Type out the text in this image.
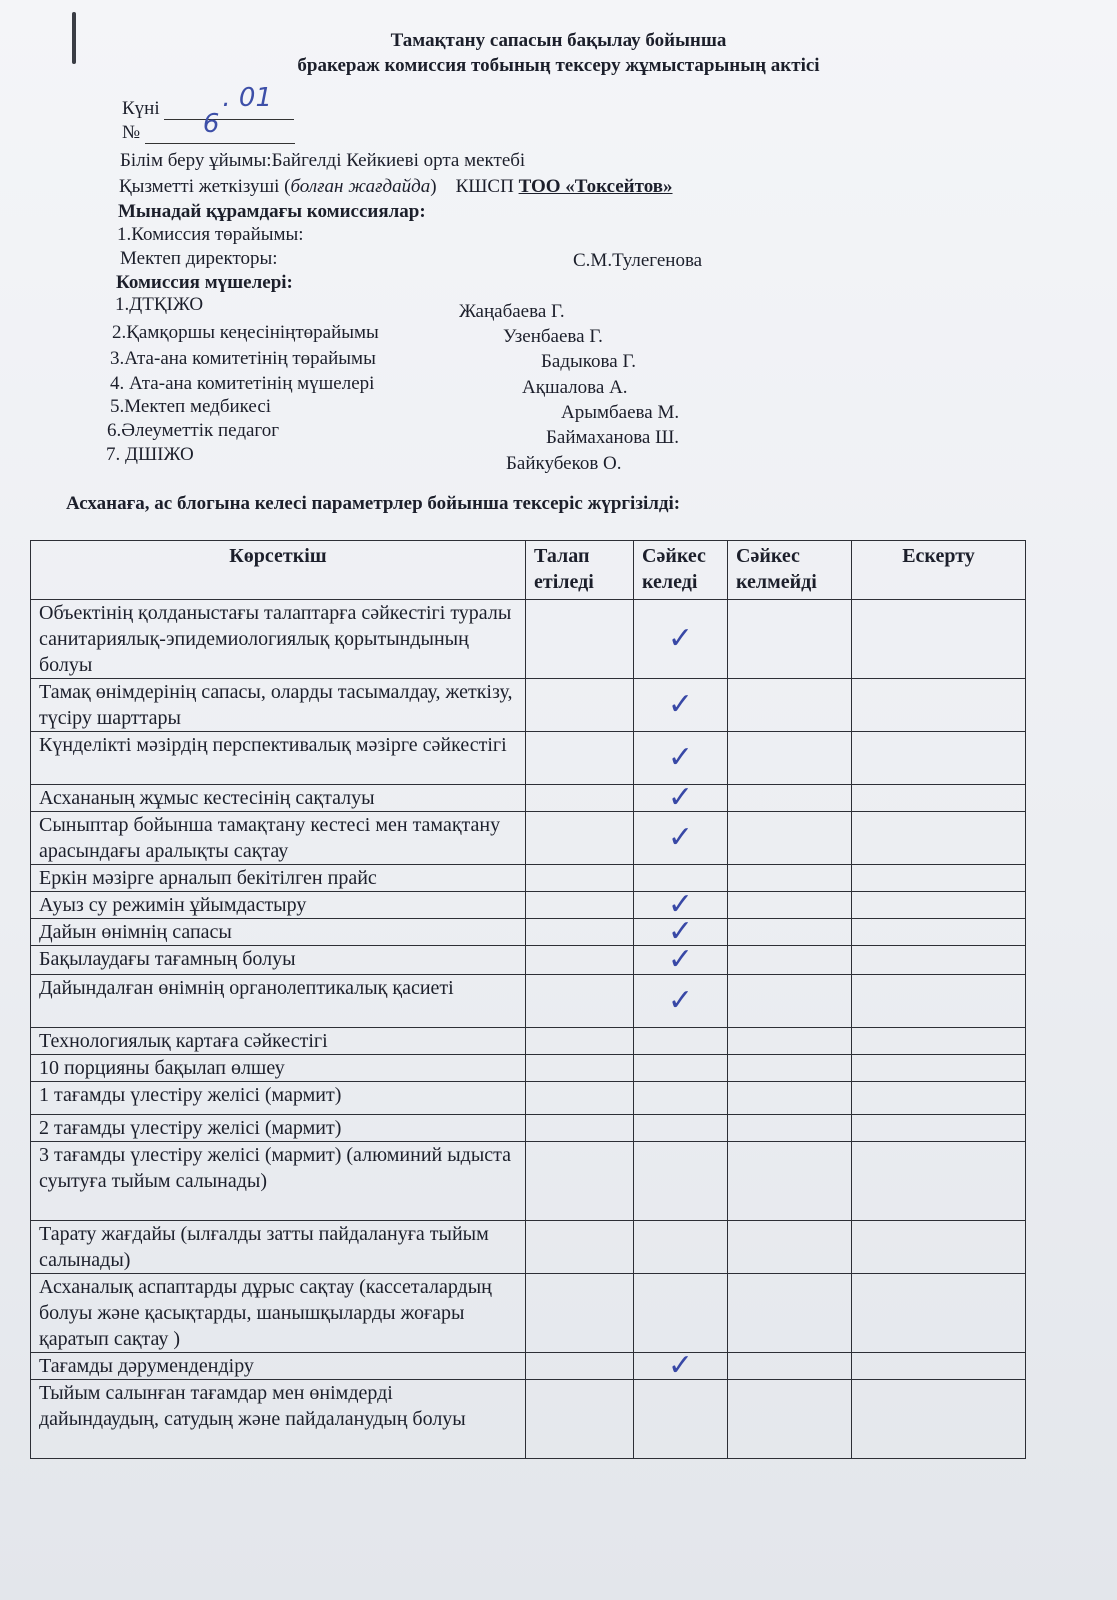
Тамақтану сапасын бақылау бойынша
бракераж комиссия тобының тексеру жұмыстарының актісі
Күні . 01
№ 6
Білім беру ұйымы:Байгелді Кейкиеві орта мектебі
Қызметті жеткізуші (болған жағдайда) КШСП ТОО «Токсейтов»
Мынадай құрамдағы комиссиялар:
1.Комиссия төрайымы:
Мектеп директоры:	С.М.Тулегенова
Комиссия мүшелері:
1.ДТҚІЖО	Жаңабаева Г.
2.Қамқоршы кеңесініңтөрайымы	Узенбаева Г.
3.Ата-ана комитетінің төрайымы	Бадыкова Г.
4. Ата-ана комитетінің мүшелері	Ақшалова А.
5.Мектеп медбикесі	Арымбаева М.
6.Әлеуметтік педагог	Баймаханова Ш.
7. ДШІЖО	Байкубеков О.
Асханаға, ас блогына келесі параметрлер бойынша тексеріс жүргізілді:
Көрсеткіш	Талап етіледі	Сәйкес келеді	Сәйкес келмейді	Ескерту
Объектінің қолданыстағы талаптарға сәйкестігі туралы санитариялық-эпидемиологиялық қорытындының болуы		✓		
Тамақ өнімдерінің сапасы, оларды тасымалдау, жеткізу, түсіру шарттары		✓		
Күнделікті мәзірдің перспективалық мәзірге сәйкестігі		✓		
Асхананың жұмыс кестесінің сақталуы		✓		
Сыныптар бойынша тамақтану кестесі мен тамақтану арасындағы аралықты сақтау		✓		
Еркін мәзірге арналып бекітілген прайс				
Ауыз су режимін ұйымдастыру		✓		
Дайын өнімнің сапасы		✓		
Бақылаудағы тағамның болуы		✓		
Дайындалған өнімнің органолептикалық қасиеті		✓		
Технологиялық картаға сәйкестігі				
10 порцияны бақылап өлшеу				
1 тағамды үлестіру желісі (мармит)				
2 тағамды үлестіру желісі (мармит)				
3 тағамды үлестіру желісі (мармит) (алюминий ыдыста суытуға тыйым салынады)				
Тарату жағдайы (ылғалды затты пайдалануға тыйым салынады)				
Асханалық аспаптарды дұрыс сақтау (кассеталардың болуы және қасықтарды, шанышқыларды жоғары қаратып сақтау )				
Тағамды дәрумендендіру		✓		
Тыйым салынған тағамдар мен өнімдерді дайындаудың, сатудың және пайдаланудың болуы				
